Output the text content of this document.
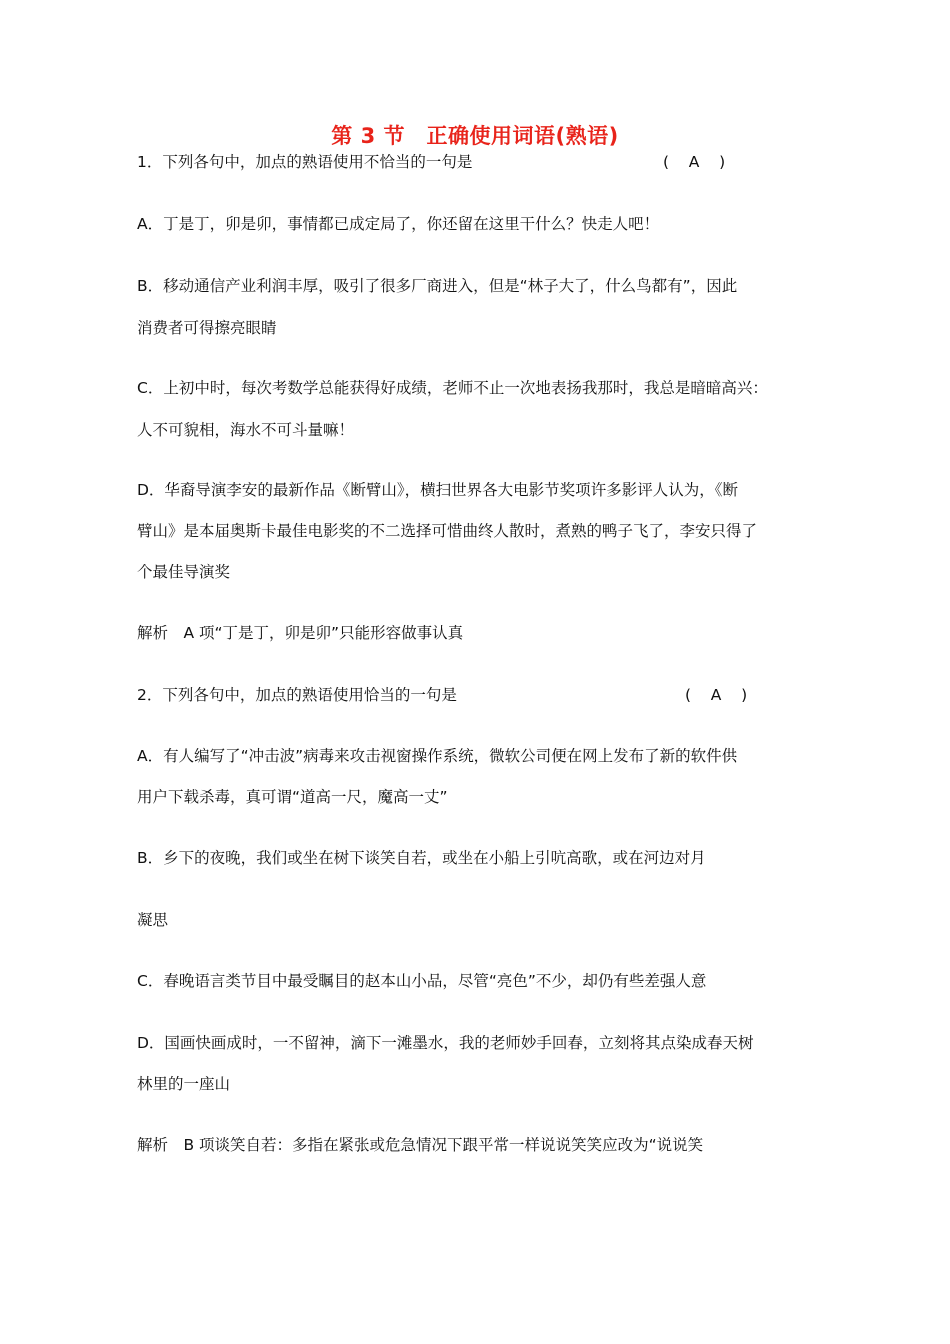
第 3 节　正确使用词语(熟语)
1．下列各句中，加点的熟语使用不恰当的一句是	(    A    )
A．丁是丁，卯是卯，事情都已成定局了，你还留在这里干什么？快走人吧！
B．移动通信产业利润丰厚，吸引了很多厂商进入，但是“林子大了，什么鸟都有”，因此
消费者可得擦亮眼睛
C．上初中时，每次考数学总能获得好成绩，老师不止一次地表扬我那时，我总是暗暗高兴：
人不可貌相，海水不可斗量嘛！
D．华裔导演李安的最新作品《断臂山》，横扫世界各大电影节奖项许多影评人认为，《断
臂山》是本届奥斯卡最佳电影奖的不二选择可惜曲终人散时，煮熟的鸭子飞了，李安只得了
个最佳导演奖
解析　A 项“丁是丁，卯是卯”只能形容做事认真
2．下列各句中，加点的熟语使用恰当的一句是	(    A    )
A．有人编写了“冲击波”病毒来攻击视窗操作系统，微软公司便在网上发布了新的软件供
用户下载杀毒，真可谓“道高一尺，魔高一丈”
B．乡下的夜晚，我们或坐在树下谈笑自若，或坐在小船上引吭高歌，或在河边对月
凝思
C．春晚语言类节目中最受瞩目的赵本山小品，尽管“亮色”不少，却仍有些差强人意
D．国画快画成时，一不留神，滴下一滩墨水，我的老师妙手回春，立刻将其点染成春天树
林里的一座山
解析　B 项谈笑自若：多指在紧张或危急情况下跟平常一样说说笑笑应改为“说说笑
